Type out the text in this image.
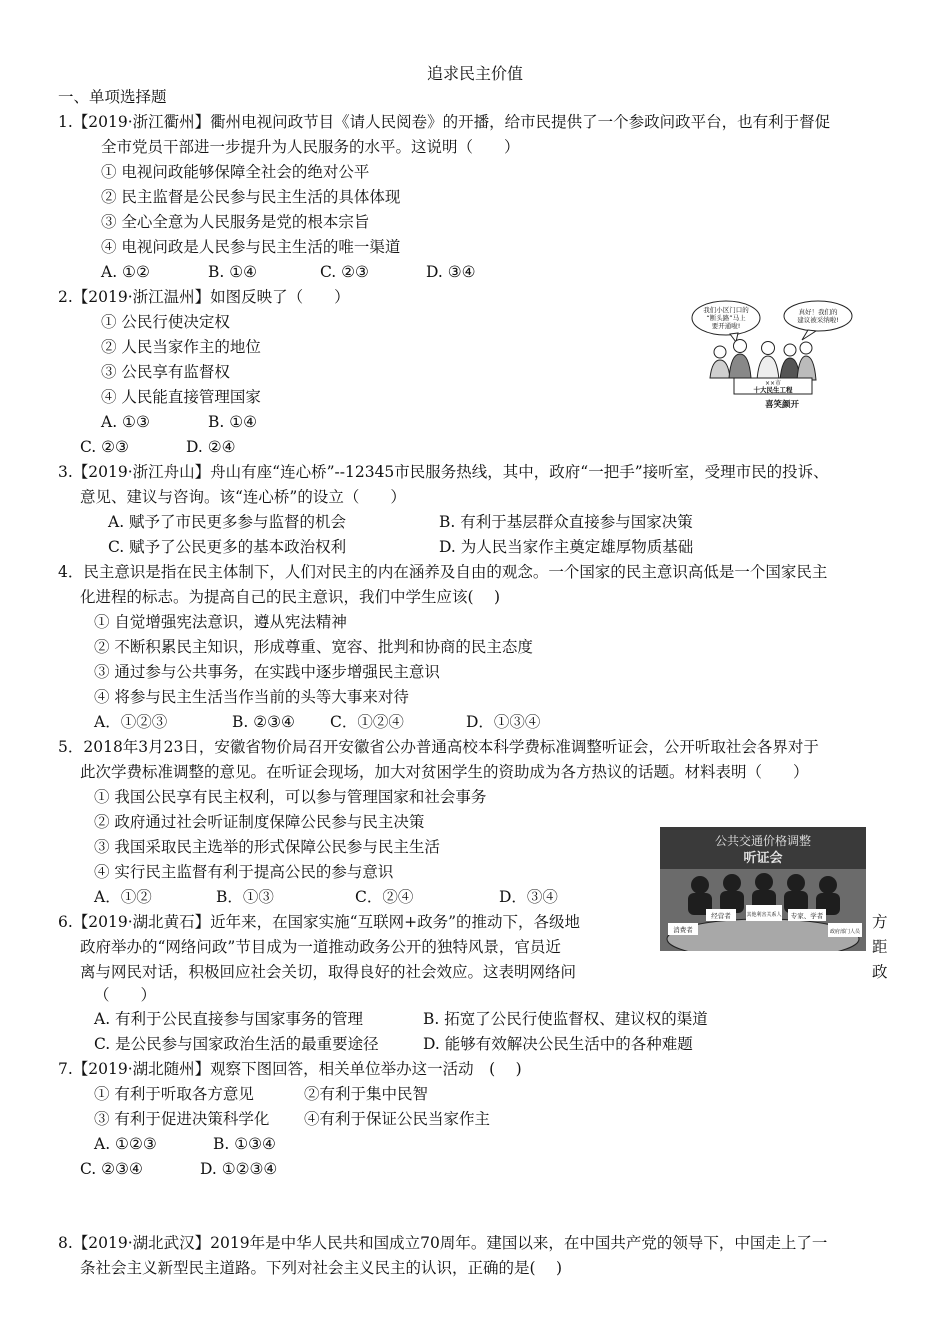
追求民主价值
一、单项选择题
1.【2019·浙江衢州】衢州电视问政节目《请人民阅卷》的开播，给市民提供了一个参政问政平台，也有利于督促
全市党员干部进一步提升为人民服务的水平。这说明（　　）
① 电视问政能够保障全社会的绝对公平
② 民主监督是公民参与民主生活的具体体现
③ 全心全意为人民服务是党的根本宗旨
④ 电视问政是人民参与民主生活的唯一渠道
A. ①②	B. ①④	C. ②③	D. ③④
2.【2019·浙江温州】如图反映了（　　）
① 公民行使决定权
② 人民当家作主的地位
③ 公民享有监督权
④ 人民能直接管理国家
A. ①③	B. ①④
C. ②③	D. ②④
我们小区门口的
“断头路”马上
要开通啦!
真好！我们的
建议被采纳啦!
××市
十大民生工程
喜笑颜开
3.【2019·浙江舟山】舟山有座“连心桥”--12345市民服务热线，其中，政府“一把手”接听室，受理市民的投诉、
意见、建议与咨询。该“连心桥”的设立（　　）
A. 赋予了市民更多参与监督的机会	B. 有利于基层群众直接参与国家决策
C. 赋予了公民更多的基本政治权利	D. 为人民当家作主奠定雄厚物质基础
4．民主意识是指在民主体制下，人们对民主的内在涵养及自由的观念。一个国家的民主意识高低是一个国家民主
化进程的标志。为提高自己的民主意识，我们中学生应该(　 )
① 自觉增强宪法意识，遵从宪法精神
② 不断积累民主知识，形成尊重、宽容、批判和协商的民主态度
③ 通过参与公共事务，在实践中逐步增强民主意识
④ 将参与民主生活当作当前的头等大事来对待
A．①②③	B. ②③④ C．①②④	D．①③④
5．2018年3月23日，安徽省物价局召开安徽省公办普通高校本科学费标准调整听证会，公开听取社会各界对于
此次学费标准调整的意见。在听证会现场，加大对贫困学生的资助成为各方热议的话题。材料表明（　　）
① 我国公民享有民主权利，可以参与管理国家和社会事务
② 政府通过社会听证制度保障公民参与民主决策
③ 我国采取民主选举的形式保障公民参与民主生活
④ 实行民主监督有利于提高公民的参与意识
A．①②	B．①③	C．②④	D．③④
公共交通价格调整
听证会
消费者
经营者	其他利害关系人 专家、学者
政府部门人员
6.【2019·湖北黄石】近年来，在国家实施“互联网+政务”的推动下，各级地	方
政府举办的“网络问政”节目成为一道推动政务公开的独特风景，官员近	距
离与网民对话，积极回应社会关切，取得良好的社会效应。这表明网络问	政
（　　）
A. 有利于公民直接参与国家事务的管理	B. 拓宽了公民行使监督权、建议权的渠道
C. 是公民参与国家政治生活的最重要途径	D. 能够有效解决公民生活中的各种难题
7.【2019·湖北随州】观察下图回答，相关单位举办这一活动　(　 )
① 有利于听取各方意见	②有利于集中民智
③ 有利于促进决策科学化 ④有利于保证公民当家作主
A. ①②③	B. ①③④
C. ②③④	D. ①②③④
8.【2019·湖北武汉】2019年是中华人民共和国成立70周年。建国以来，在中国共产党的领导下，中国走上了一
条社会主义新型民主道路。下列对社会主义民主的认识，正确的是(　 )
